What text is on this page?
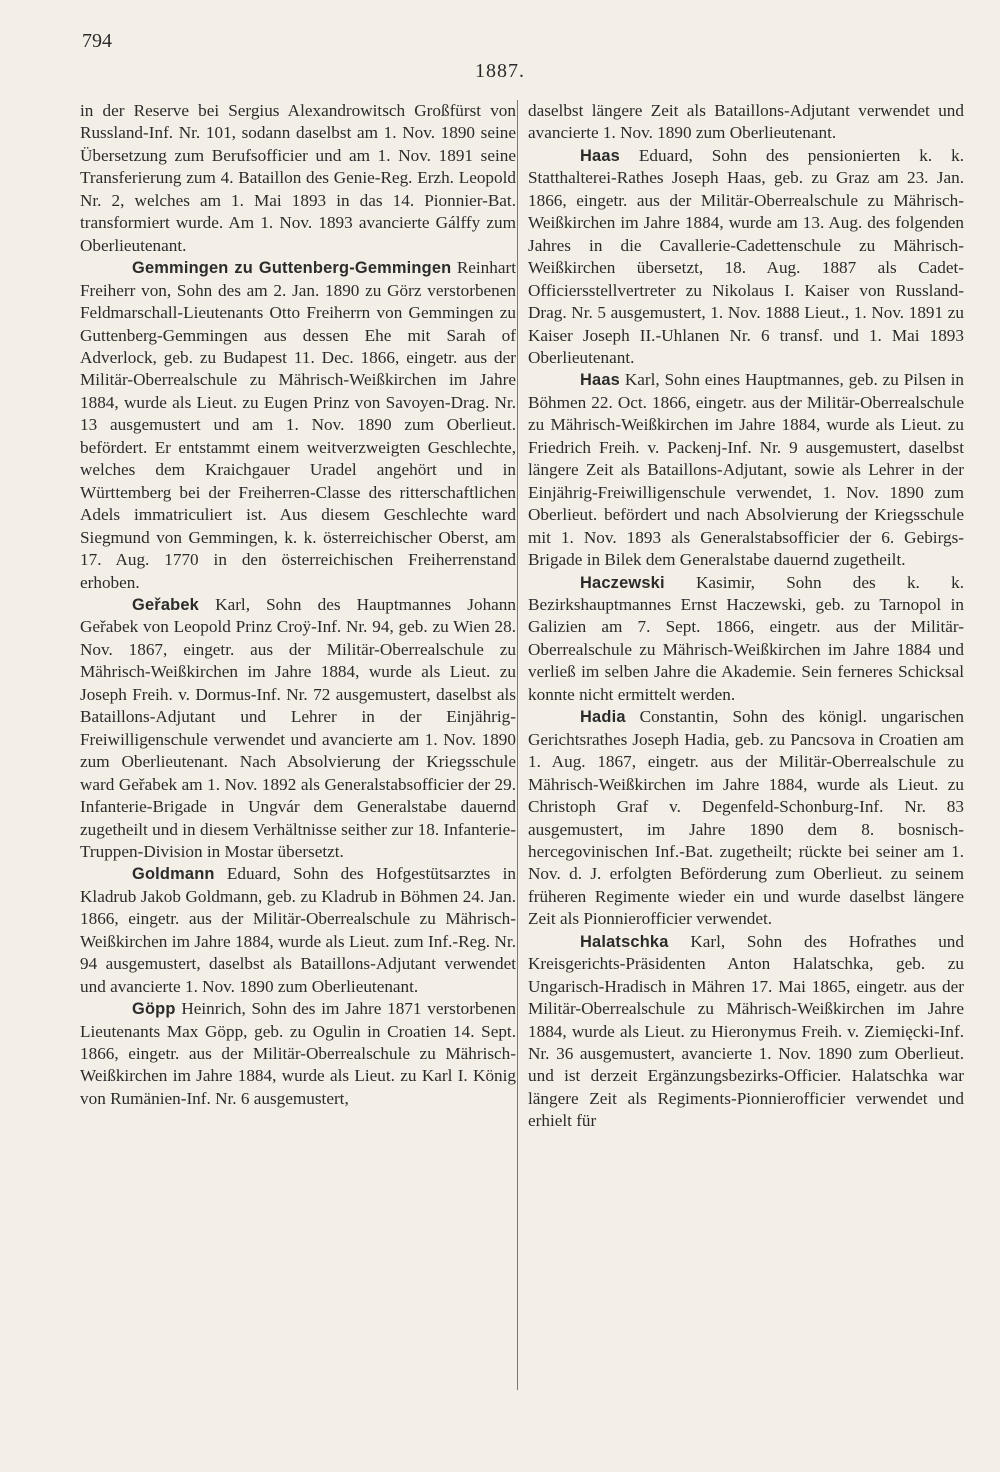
794
1887.

in der Reserve bei Sergius Alexandrowitsch Großfürst von Russland-Inf. Nr. 101, sodann daselbst am 1. Nov. 1890 seine Übersetzung zum Berufsofficier und am 1. Nov. 1891 seine Transferierung zum 4. Bataillon des Genie-Reg. Erzh. Leopold Nr. 2, welches am 1. Mai 1893 in das 14. Pionnier-Bat. transformiert wurde. Am 1. Nov. 1893 avancierte Gálffy zum Oberlieutenant.

Gemmingen zu Guttenberg-Gemmingen Reinhart Freiherr von, Sohn des am 2. Jan. 1890 zu Görz verstorbenen Feldmarschall-Lieutenants Otto Freiherrn von Gemmingen zu Guttenberg-Gemmingen aus dessen Ehe mit Sarah of Adverlock, geb. zu Budapest 11. Dec. 1866, eingetr. aus der Militär-Oberrealschule zu Mährisch-Weißkirchen im Jahre 1884, wurde als Lieut. zu Eugen Prinz von Savoyen-Drag. Nr. 13 ausgemustert und am 1. Nov. 1890 zum Oberlieut. befördert. Er entstammt einem weitverzweigten Geschlechte, welches dem Kraichgauer Uradel angehört und in Württemberg bei der Freiherren-Classe des ritterschaftlichen Adels immatriculiert ist. Aus diesem Geschlechte ward Siegmund von Gemmingen, k. k. österreichischer Oberst, am 17. Aug. 1770 in den österreichischen Freiherrenstand erhoben.

Geřabek Karl, Sohn des Hauptmannes Johann Geřabek von Leopold Prinz Croÿ-Inf. Nr. 94, geb. zu Wien 28. Nov. 1867, eingetr. aus der Militär-Oberrealschule zu Mährisch-Weißkirchen im Jahre 1884, wurde als Lieut. zu Joseph Freih. v. Dormus-Inf. Nr. 72 ausgemustert, daselbst als Bataillons-Adjutant und Lehrer in der Einjährig-Freiwilligenschule verwendet und avancierte am 1. Nov. 1890 zum Oberlieutenant. Nach Absolvierung der Kriegsschule ward Geřabek am 1. Nov. 1892 als Generalstabsofficier der 29. Infanterie-Brigade in Ungvár dem Generalstabe dauernd zugetheilt und in diesem Verhältnisse seither zur 18. Infanterie-Truppen-Division in Mostar übersetzt.

Goldmann Eduard, Sohn des Hofgestütsarztes in Kladrub Jakob Goldmann, geb. zu Kladrub in Böhmen 24. Jan. 1866, eingetr. aus der Militär-Oberrealschule zu Mährisch-Weißkirchen im Jahre 1884, wurde als Lieut. zum Inf.-Reg. Nr. 94 ausgemustert, daselbst als Bataillons-Adjutant verwendet und avancierte 1. Nov. 1890 zum Oberlieutenant.

Göpp Heinrich, Sohn des im Jahre 1871 verstorbenen Lieutenants Max Göpp, geb. zu Ogulin in Croatien 14. Sept. 1866, eingetr. aus der Militär-Oberrealschule zu Mährisch-Weißkirchen im Jahre 1884, wurde als Lieut. zu Karl I. König von Rumänien-Inf. Nr. 6 ausgemustert,

daselbst längere Zeit als Bataillons-Adjutant verwendet und avancierte 1. Nov. 1890 zum Oberlieutenant.

Haas Eduard, Sohn des pensionierten k. k. Statthalterei-Rathes Joseph Haas, geb. zu Graz am 23. Jan. 1866, eingetr. aus der Militär-Oberrealschule zu Mährisch-Weißkirchen im Jahre 1884, wurde am 13. Aug. des folgenden Jahres in die Cavallerie-Cadettenschule zu Mährisch-Weißkirchen übersetzt, 18. Aug. 1887 als Cadet-Officiersstellvertreter zu Nikolaus I. Kaiser von Russland-Drag. Nr. 5 ausgemustert, 1. Nov. 1888 Lieut., 1. Nov. 1891 zu Kaiser Joseph II.-Uhlanen Nr. 6 transf. und 1. Mai 1893 Oberlieutenant.

Haas Karl, Sohn eines Hauptmannes, geb. zu Pilsen in Böhmen 22. Oct. 1866, eingetr. aus der Militär-Oberrealschule zu Mährisch-Weißkirchen im Jahre 1884, wurde als Lieut. zu Friedrich Freih. v. Packenj-Inf. Nr. 9 ausgemustert, daselbst längere Zeit als Bataillons-Adjutant, sowie als Lehrer in der Einjährig-Freiwilligenschule verwendet, 1. Nov. 1890 zum Oberlieut. befördert und nach Absolvierung der Kriegsschule mit 1. Nov. 1893 als Generalstabsofficier der 6. Gebirgs-Brigade in Bilek dem Generalstabe dauernd zugetheilt.

Haczewski Kasimir, Sohn des k. k. Bezirkshauptmannes Ernst Haczewski, geb. zu Tarnopol in Galizien am 7. Sept. 1866, eingetr. aus der Militär-Oberrealschule zu Mährisch-Weißkirchen im Jahre 1884 und verließ im selben Jahre die Akademie. Sein ferneres Schicksal konnte nicht ermittelt werden.

Hadia Constantin, Sohn des königl. ungarischen Gerichtsrathes Joseph Hadia, geb. zu Pancsova in Croatien am 1. Aug. 1867, eingetr. aus der Militär-Oberrealschule zu Mährisch-Weißkirchen im Jahre 1884, wurde als Lieut. zu Christoph Graf v. Degenfeld-Schonburg-Inf. Nr. 83 ausgemustert, im Jahre 1890 dem 8. bosnisch-hercegovinischen Inf.-Bat. zugetheilt; rückte bei seiner am 1. Nov. d. J. erfolgten Beförderung zum Oberlieut. zu seinem früheren Regimente wieder ein und wurde daselbst längere Zeit als Pionnierofficier verwendet.

Halatschka Karl, Sohn des Hofrathes und Kreisgerichts-Präsidenten Anton Halatschka, geb. zu Ungarisch-Hradisch in Mähren 17. Mai 1865, eingetr. aus der Militär-Oberrealschule zu Mährisch-Weißkirchen im Jahre 1884, wurde als Lieut. zu Hieronymus Freih. v. Ziemięcki-Inf. Nr. 36 ausgemustert, avancierte 1. Nov. 1890 zum Oberlieut. und ist derzeit Ergänzungsbezirks-Officier. Halatschka war längere Zeit als Regiments-Pionnierofficier verwendet und erhielt für
